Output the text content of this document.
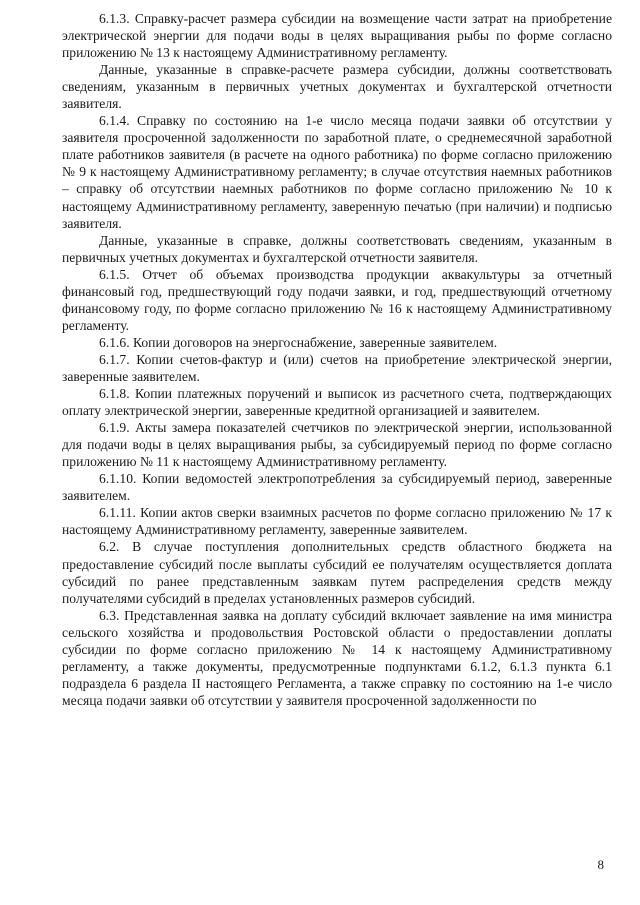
6.1.3. Справку-расчет размера субсидии на возмещение части затрат на приобретение электрической энергии для подачи воды в целях выращивания рыбы по форме согласно приложению № 13 к настоящему Административному регламенту.

Данные, указанные в справке-расчете размера субсидии, должны соответствовать сведениям, указанным в первичных учетных документах и бухгалтерской отчетности заявителя.

6.1.4. Справку по состоянию на 1-е число месяца подачи заявки об отсутствии у заявителя просроченной задолженности по заработной плате, о среднемесячной заработной плате работников заявителя (в расчете на одного работника) по форме согласно приложению № 9 к настоящему Административному регламенту; в случае отсутствия наемных работников – справку об отсутствии наемных работников по форме согласно приложению № 10 к настоящему Административному регламенту, заверенную печатью (при наличии) и подписью заявителя.

Данные, указанные в справке, должны соответствовать сведениям, указанным в первичных учетных документах и бухгалтерской отчетности заявителя.

6.1.5. Отчет об объемах производства продукции аквакультуры за отчетный финансовый год, предшествующий году подачи заявки, и год, предшествующий отчетному финансовому году, по форме согласно приложению № 16 к настоящему Административному регламенту.

6.1.6. Копии договоров на энергоснабжение, заверенные заявителем.

6.1.7. Копии счетов-фактур и (или) счетов на приобретение электрической энергии, заверенные заявителем.

6.1.8. Копии платежных поручений и выписок из расчетного счета, подтверждающих оплату электрической энергии, заверенные кредитной организацией и заявителем.

6.1.9. Акты замера показателей счетчиков по электрической энергии, использованной для подачи воды в целях выращивания рыбы, за субсидируемый период по форме согласно приложению № 11 к настоящему Административному регламенту.

6.1.10. Копии ведомостей электропотребления за субсидируемый период, заверенные заявителем.

6.1.11. Копии актов сверки взаимных расчетов по форме согласно приложению № 17 к настоящему Административному регламенту, заверенные заявителем.

6.2. В случае поступления дополнительных средств областного бюджета на предоставление субсидий после выплаты субсидий ее получателям осуществляется доплата субсидий по ранее представленным заявкам путем распределения средств между получателями субсидий в пределах установленных размеров субсидий.

6.3. Представленная заявка на доплату субсидий включает заявление на имя министра сельского хозяйства и продовольствия Ростовской области о предоставлении доплаты субсидии по форме согласно приложению № 14 к настоящему Административному регламенту, а также документы, предусмотренные подпунктами 6.1.2, 6.1.3 пункта 6.1 подраздела 6 раздела II настоящего Регламента, а также справку по состоянию на 1-е число месяца подачи заявки об отсутствии у заявителя просроченной задолженности по

8
